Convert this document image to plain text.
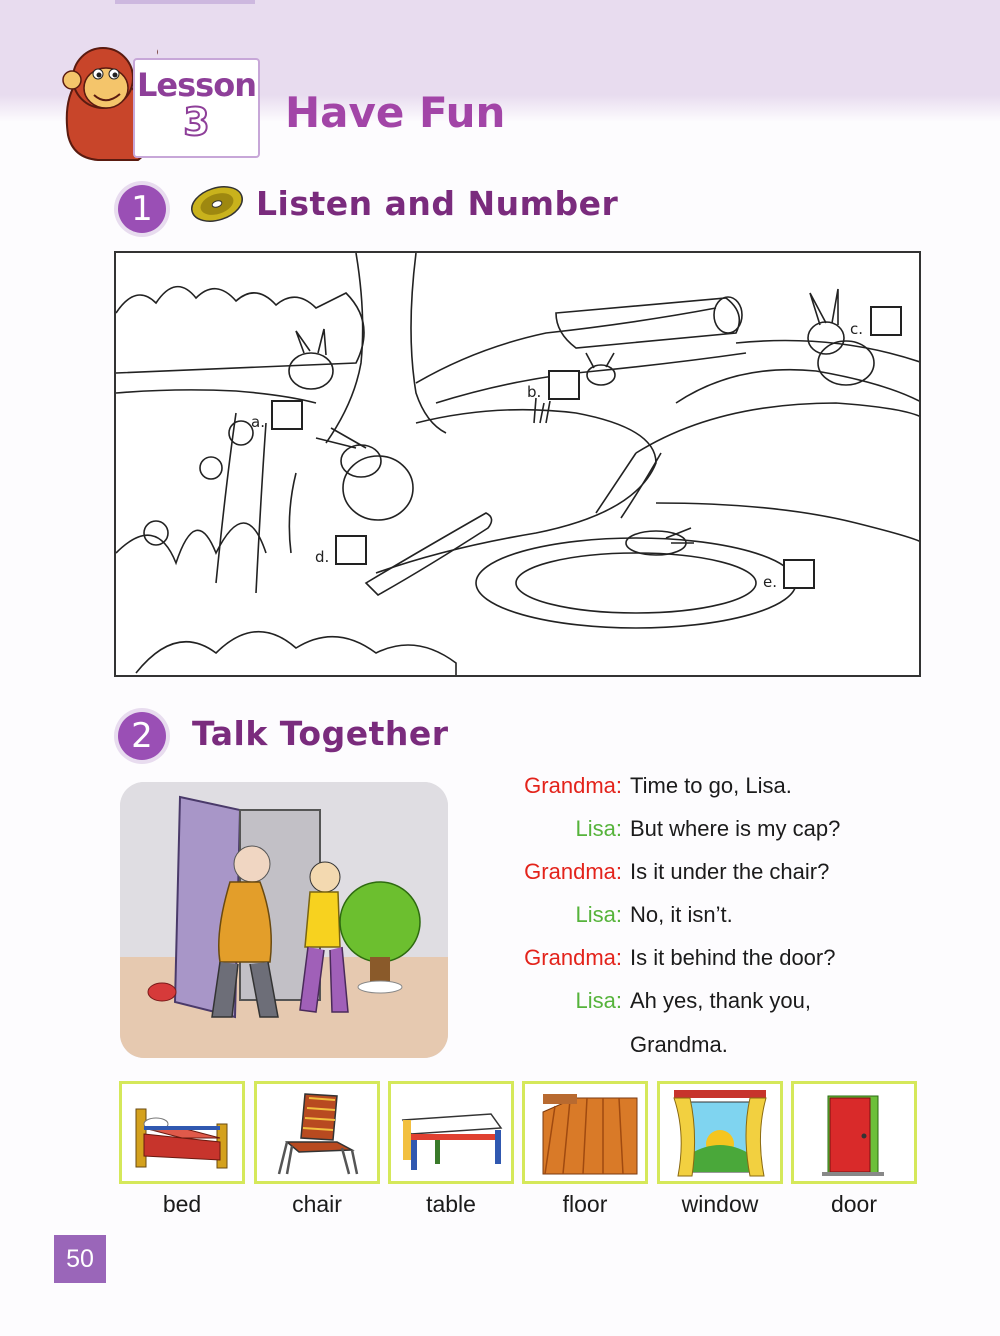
Lesson
3	Have Fun
1	Listen and Number
a.
b.
c.
d.
e.
2	Talk Together
Grandma: Time to go, Lisa.
Lisa: But where is my cap?
Grandma: Is it under the chair?
Lisa: No, it isn’t.
Grandma: Is it behind the door?
Lisa: Ah yes, thank you,
Grandma.
bed	chair	table	floor	window	door
50
